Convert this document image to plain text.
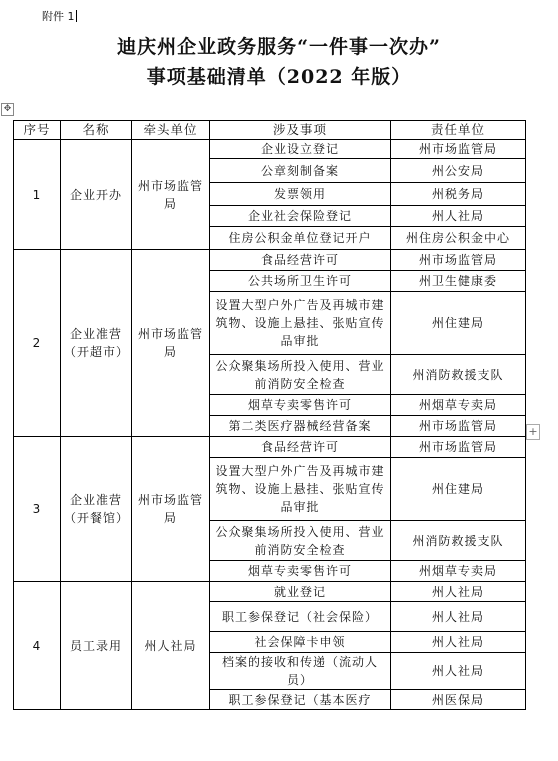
附件 1
迪庆州企业政务服务“一件事一次办”
事项基础清单（2022 年版）
✥
+
序号	名称	牵头单位	涉及事项	责任单位
1	企业开办	州市场监管局	企业设立登记	州市场监管局
			公章刻制备案	州公安局
			发票领用	州税务局
			企业社会保险登记	州人社局
			住房公积金单位登记开户	州住房公积金中心
2	企业准营（开超市）	州市场监管局	食品经营许可	州市场监管局
			公共场所卫生许可	州卫生健康委
			设置大型户外广告及再城市建筑物、设施上悬挂、张贴宣传品审批	州住建局
			公众聚集场所投入使用、营业前消防安全检查	州消防救援支队
			烟草专卖零售许可	州烟草专卖局
			第二类医疗器械经营备案	州市场监管局
3	企业准营（开餐馆）	州市场监管局	食品经营许可	州市场监管局
			设置大型户外广告及再城市建筑物、设施上悬挂、张贴宣传品审批	州住建局
			公众聚集场所投入使用、营业前消防安全检查	州消防救援支队
			烟草专卖零售许可	州烟草专卖局
4	员工录用	州人社局	就业登记	州人社局
			职工参保登记（社会保险）	州人社局
			社会保障卡申领	州人社局
			档案的接收和传递（流动人员）	州人社局
			职工参保登记（基本医疗	州医保局
